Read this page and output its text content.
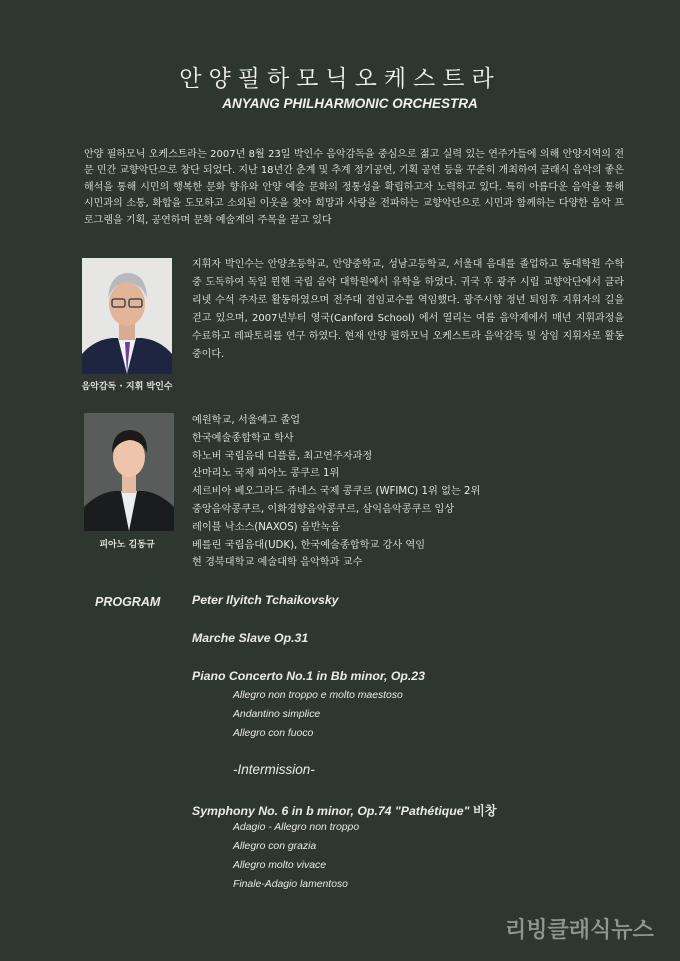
안양필하모닉오케스트라
ANYANG PHILHARMONIC ORCHESTRA

안양 필하모닉 오케스트라는 2007년 8월 23일 박인수 음악감독을 중심으로 젊고 실력 있는 연주가들에 의해 안양지역의 전문 민간 교향악단으로 창단 되었다. 지난 18년간 춘계 및 추계 정기공연, 기획 공연 등을 꾸준히 개최하여 클래식 음악의 좋은 해석을 통해 시민의 행복한 문화 향유와 안양 예술 문화의 정통성을 확립하고자 노력하고 있다. 특히 아름다운 음악을 통해 시민과의 소통, 화합을 도모하고 소외된 이웃을 찾아 희망과 사랑을 전파하는 교향악단으로 시민과 함께하는 다양한 음악 프로그램을 기획, 공연하며 문화 예술계의 주목을 끌고 있다

음악감독 · 지휘 박인수

지휘자 박인수는 안양초등학교, 안양중학교, 성남고등학교, 서울대 음대를 졸업하고 동대학원 수학 중 도독하여 독일 뮌헨 국립 음악 대학원에서 유학을 하였다. 귀국 후 광주 시립 교향악단에서 클라리넷 수석 주자로 활동하였으며 전주대 겸임교수를 역임했다. 광주시향 정년 퇴임후 지휘자의 길을 걷고 있으며, 2007년부터 영국(Canford School) 에서 열리는 여름 음악제에서 매년 지휘과정을 수료하고 레파토리를 연구 하였다. 현재 안양 필하모닉 오케스트라 음악감독 및 상임 지휘자로 활동 중이다.

피아노 김동규
예원학교, 서울예고 졸업
한국예술종합학교 학사
하노버 국립음대 디플롬, 최고연주자과정
산마리노 국제 피아노 콩쿠르 1위
세르비아 베오그라드 쥬네스 국제 콩쿠르 (WFIMC) 1위 없는 2위
중앙음악콩쿠르, 이화경향음악콩쿠르, 삼익음악콩쿠르 입상
레이블 낙소스(NAXOS) 음반녹음
베를린 국립음대(UDK), 한국예술종합학교 강사 역임
현 경북대학교 예술대학 음악학과 교수
PROGRAM	Peter Ilyitch Tchaikovsky
Marche Slave Op.31
Piano Concerto No.1 in Bb minor, Op.23
Allegro non troppo e molto maestoso
Andantino simplice
Allegro con fuoco
-Intermission-
Symphony No. 6 in b minor, Op.74 "Pathétique" 비창
Adagio - Allegro non troppo
Allegro con grazia
Allegro molto vivace
Finale-Adagio lamentoso
리빙클래식뉴스
